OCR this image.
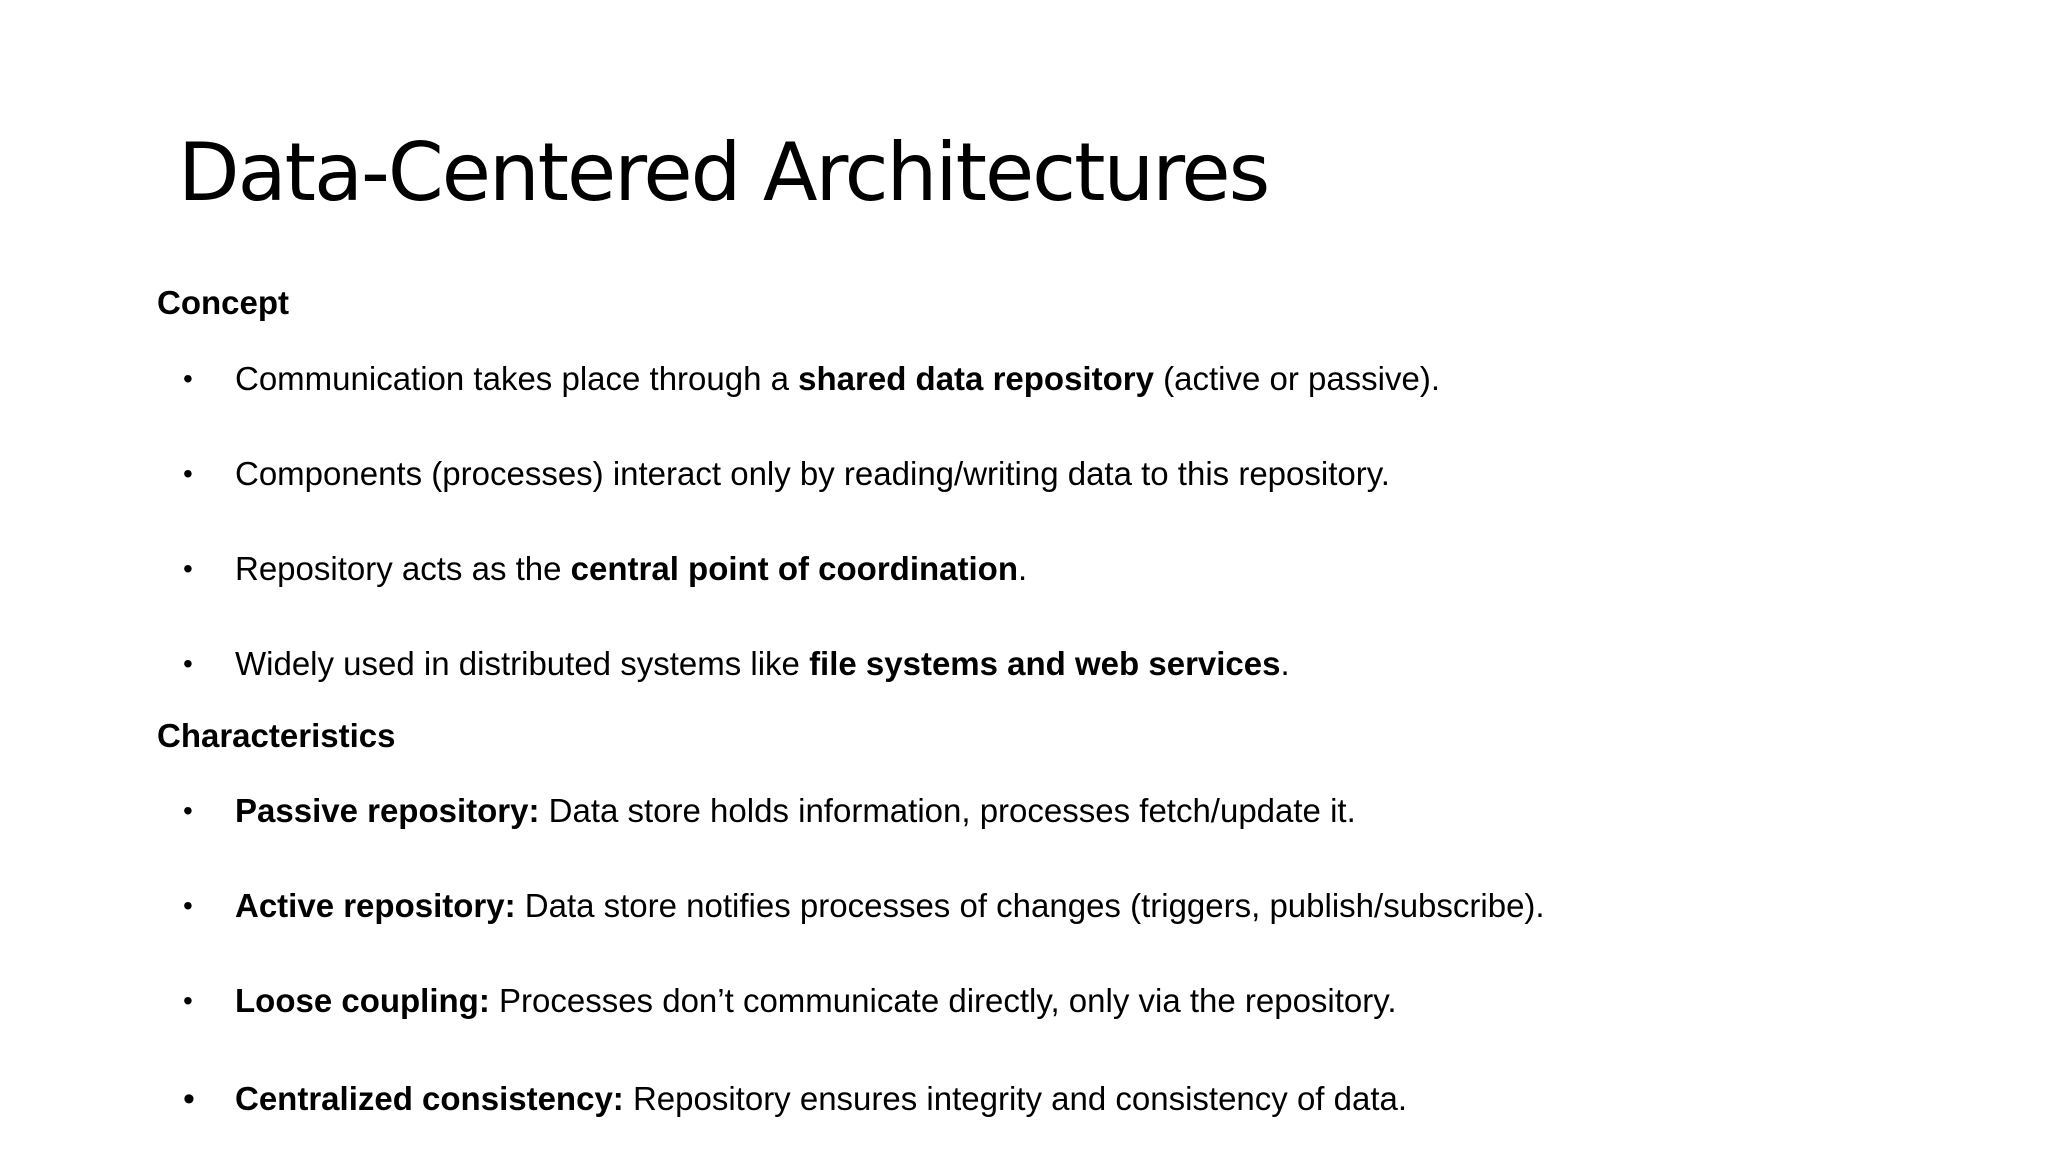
Data-Centered Architectures
Concept
•	Communication takes place through a shared data repository (active or passive).
•	Components (processes) interact only by reading/writing data to this repository.
•	Repository acts as the central point of coordination.
•	Widely used in distributed systems like file systems and web services.
Characteristics
•	Passive repository: Data store holds information, processes fetch/update it.
•	Active repository: Data store notifies processes of changes (triggers, publish/subscribe).
•	Loose coupling: Processes don’t communicate directly, only via the repository.
• Centralized consistency: Repository ensures integrity and consistency of data.
